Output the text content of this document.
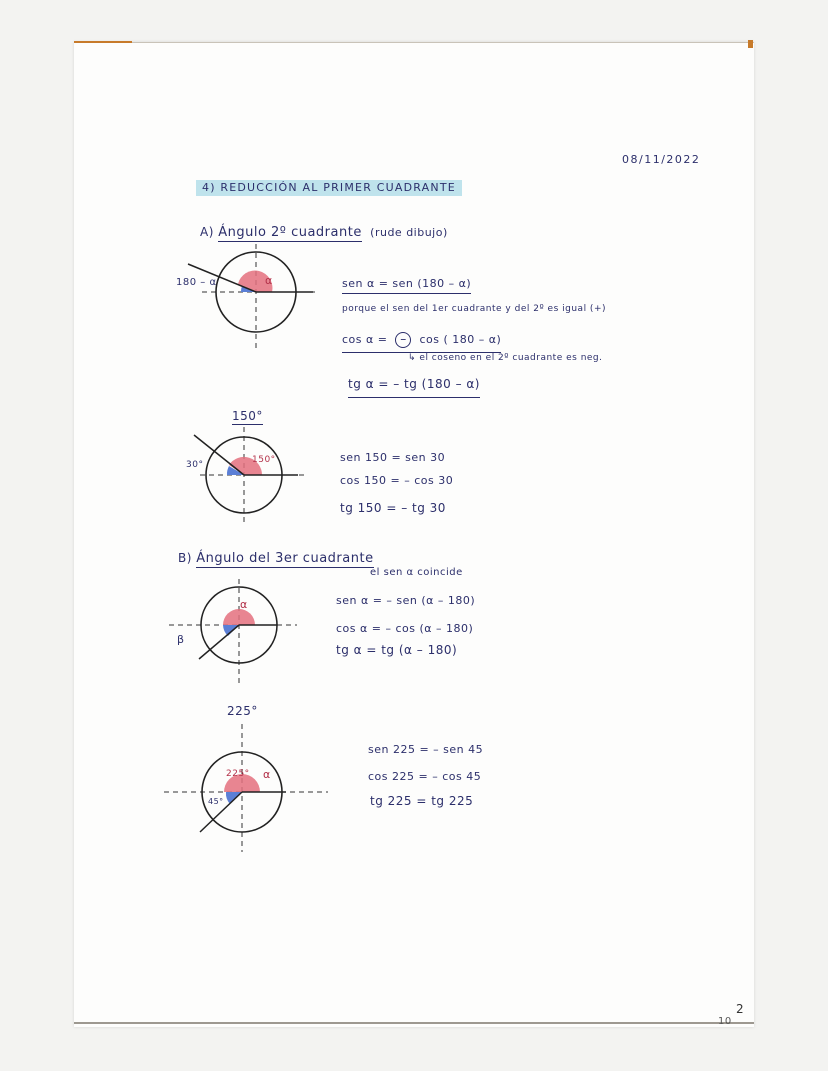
08/11/2022
4) REDUCCIÓN AL PRIMER CUADRANTE
A) Ángulo 2º cuadrante (rude dibujo)
180 – α	α	sen α = sen (180 – α)
porque el sen del 1er cuadrante y del 2º es igual (+)
cos α = – cos ( 180 – α)
↳ el coseno en el 2º cuadrante es neg.
tg α = – tg (180 – α)
150°
30°	150°	sen 150 = sen 30
cos 150 = – cos 30
tg 150 = – tg 30
B) Ángulo del 3er cuadrante
el sen α coincide
β
α	sen α = – sen (α – 180)
cos α = – cos (α – 180)
tg α = tg (α – 180)
225°
225° α
45°
sen 225 = – sen 45
cos 225 = – cos 45
tg 225 = tg 225
2
10
